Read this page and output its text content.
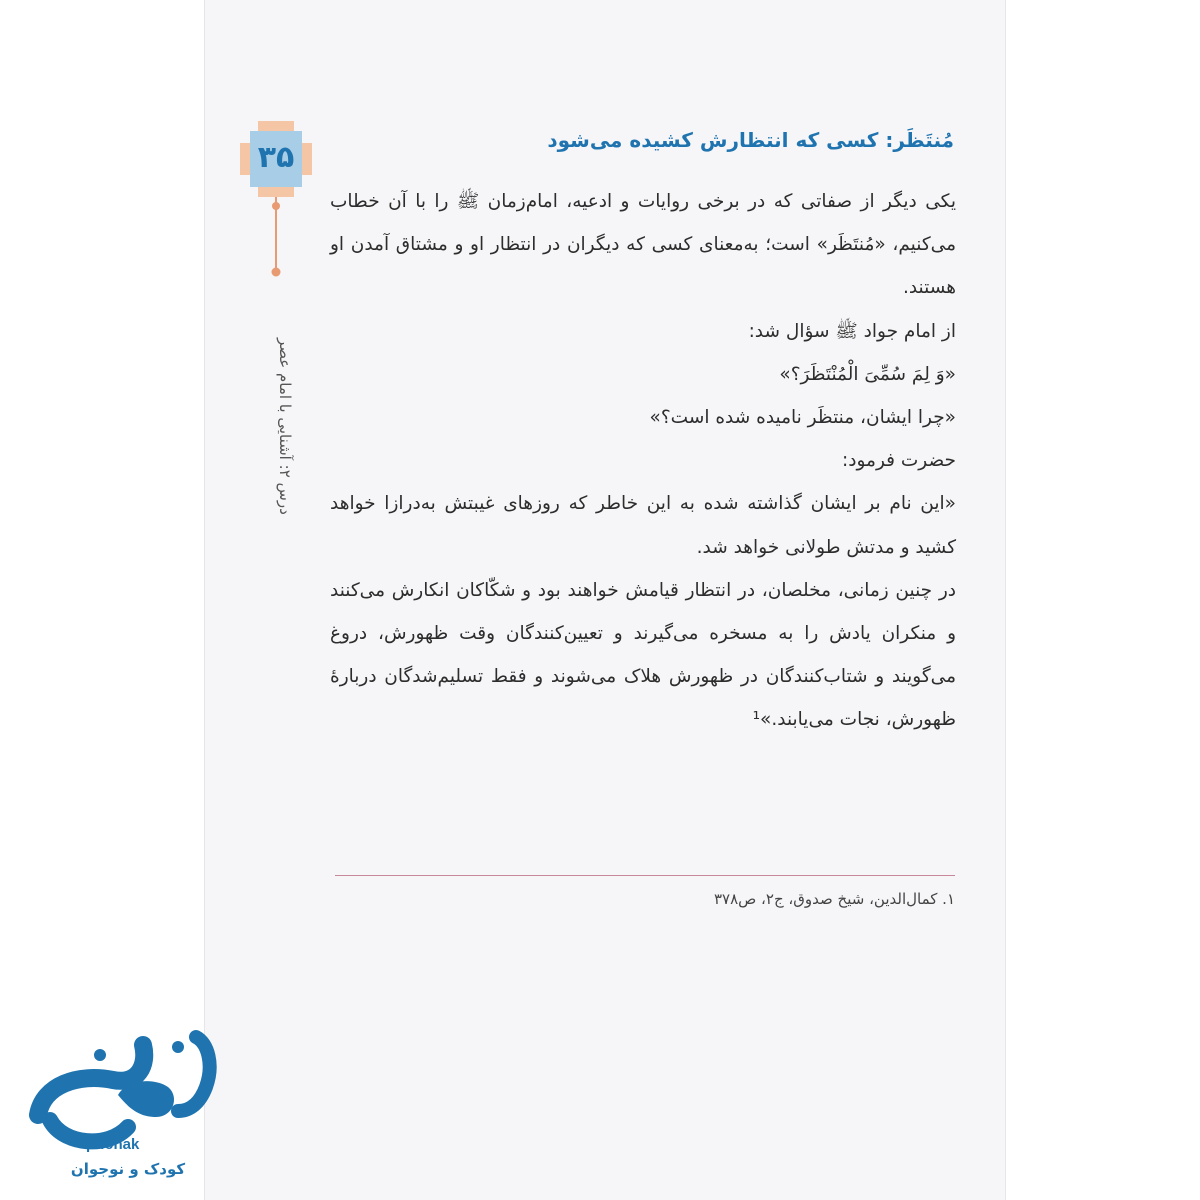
۳۵
درس ۲: آشنایی با امام عصر
مُنتَظَر: کسی که انتظارش کشیده می‌شود

یکی دیگر از صفاتی که در برخی روایات و ادعیه، امام‌زمان ﷺ را با آن خطاب می‌کنیم، «مُنتَظَر» است؛ به‌معنای کسی که دیگران در انتظار او و مشتاق آمدن او هستند.

از امام جواد ﷺ سؤال شد:

«وَ لِمَ سُمِّیَ الْمُنْتَظَرَ؟»

«چرا ایشان، منتظَر نامیده شده است؟»

حضرت فرمود:

«این نام بر ایشان گذاشته شده به این خاطر که روزهای غیبتش به‌درازا خواهد کشید و مدتش طولانی خواهد شد.

در چنین زمانی، مخلصان، در انتظار قیامش خواهند بود و شکّاکان انکارش می‌کنند و منکران یادش را به مسخره می‌گیرند و تعیین‌کنندگان وقت ظهورش، دروغ می‌گویند و شتاب‌کنندگان در ظهورش هلاک می‌شوند و فقط تسلیم‌شدگان دربارهٔ ظهورش، نجات می‌یابند.»¹

۱. کمال‌الدین، شیخ صدوق، ج۲، ص۳۷۸
puonak
کودک و نوجوان
